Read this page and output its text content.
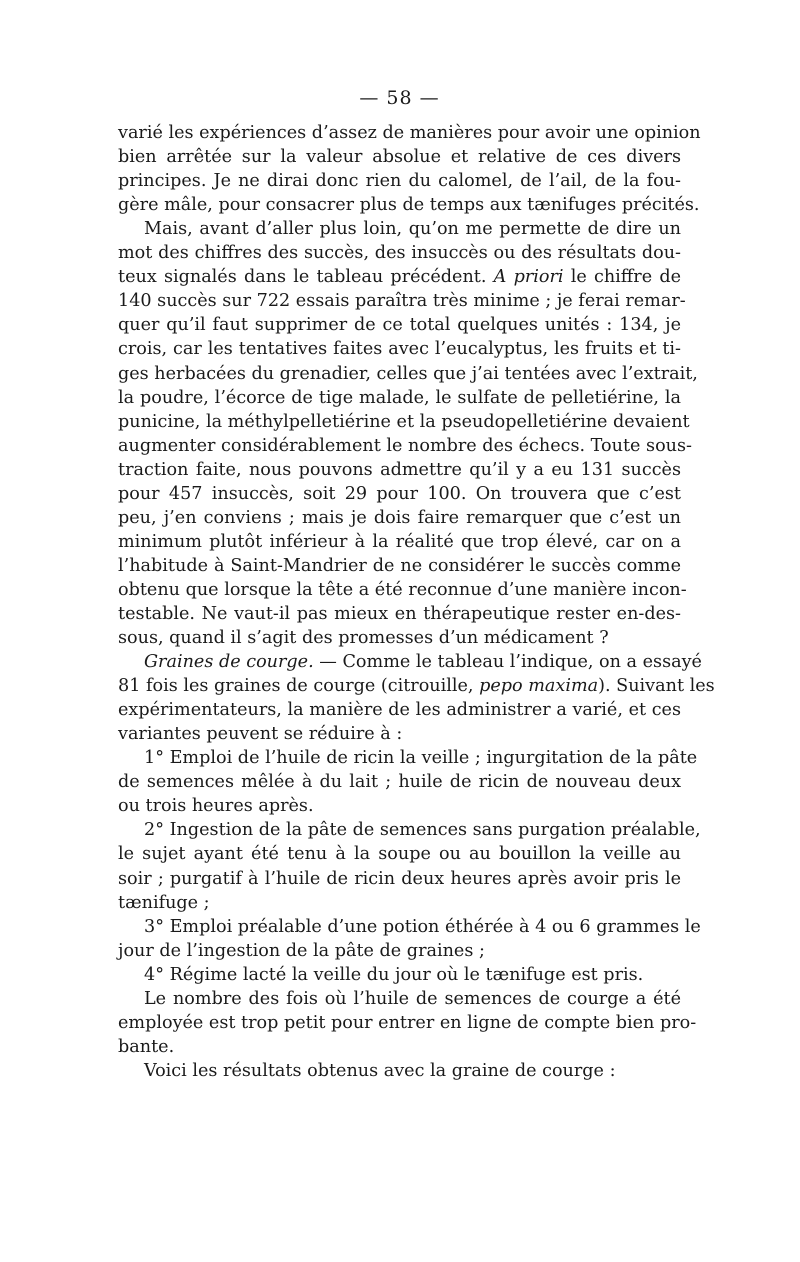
— 58 —
varié les expériences d’assez de manières pour avoir une opinion
bien arrêtée sur la valeur absolue et relative de ces divers
principes. Je ne dirai donc rien du calomel, de l’ail, de la fou-
gère mâle, pour consacrer plus de temps aux tænifuges précités.
Mais, avant d’aller plus loin, qu’on me permette de dire un
mot des chiffres des succès, des insuccès ou des résultats dou-
teux signalés dans le tableau précédent. A priori le chiffre de
140 succès sur 722 essais paraîtra très minime ; je ferai remar-
quer qu’il faut supprimer de ce total quelques unités : 134, je
crois, car les tentatives faites avec l’eucalyptus, les fruits et ti-
ges herbacées du grenadier, celles que j’ai tentées avec l’extrait,
la poudre, l’écorce de tige malade, le sulfate de pelletiérine, la
punicine, la méthylpelletiérine et la pseudopelletiérine devaient
augmenter considérablement le nombre des échecs. Toute sous-
traction faite, nous pouvons admettre qu’il y a eu 131 succès
pour 457 insuccès, soit 29 pour 100. On trouvera que c’est
peu, j’en conviens ; mais je dois faire remarquer que c’est un
minimum plutôt inférieur à la réalité que trop élevé, car on a
l’habitude à Saint-Mandrier de ne considérer le succès comme
obtenu que lorsque la tête a été reconnue d’une manière incon-
testable. Ne vaut-il pas mieux en thérapeutique rester en-des-
sous, quand il s’agit des promesses d’un médicament ?
Graines de courge. — Comme le tableau l’indique, on a essayé
81 fois les graines de courge (citrouille, pepo maxima). Suivant les
expérimentateurs, la manière de les administrer a varié, et ces
variantes peuvent se réduire à :
1° Emploi de l’huile de ricin la veille ; ingurgitation de la pâte
de semences mêlée à du lait ; huile de ricin de nouveau deux
ou trois heures après.
2° Ingestion de la pâte de semences sans purgation préalable,
le sujet ayant été tenu à la soupe ou au bouillon la veille au
soir ; purgatif à l’huile de ricin deux heures après avoir pris le
tænifuge ;
3° Emploi préalable d’une potion éthérée à 4 ou 6 grammes le
jour de l’ingestion de la pâte de graines ;
4° Régime lacté la veille du jour où le tænifuge est pris.
Le nombre des fois où l’huile de semences de courge a été
employée est trop petit pour entrer en ligne de compte bien pro-
bante.
Voici les résultats obtenus avec la graine de courge :
